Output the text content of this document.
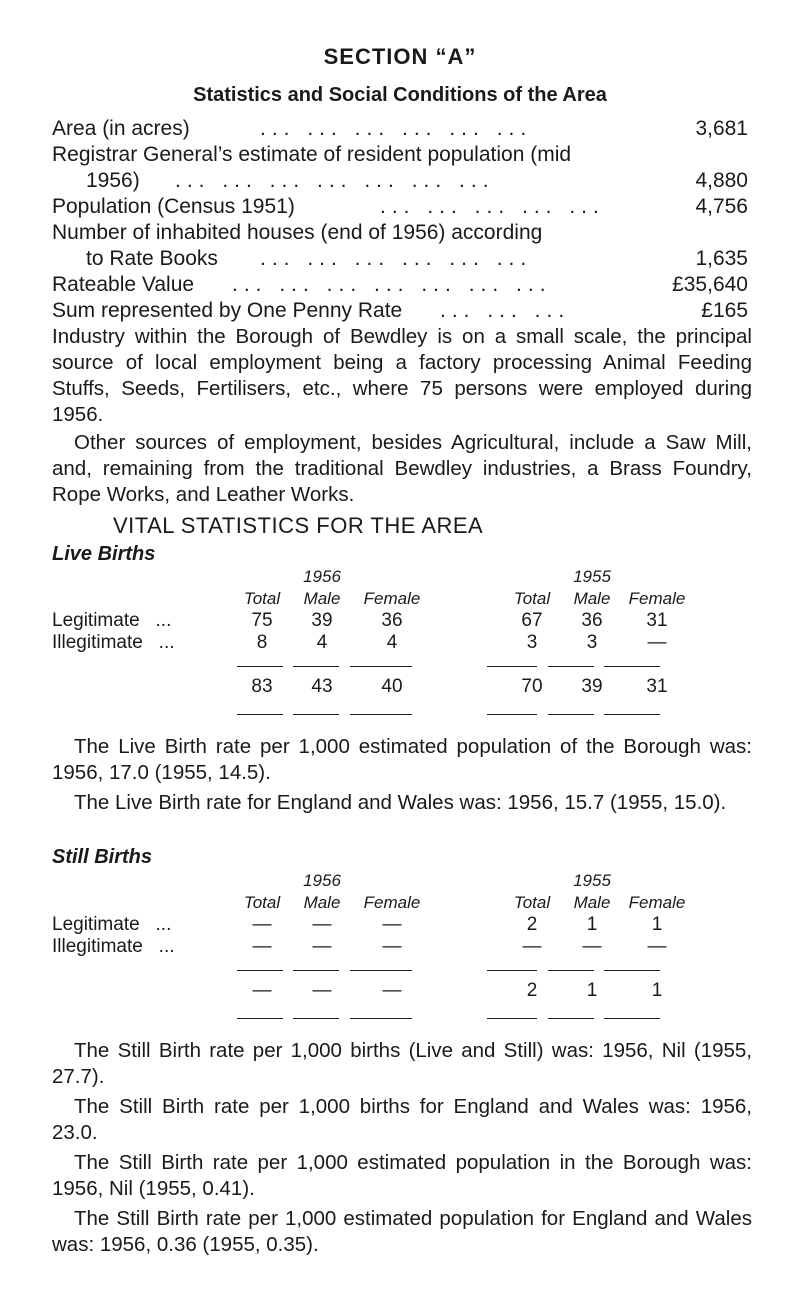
SECTION “A”
Statistics and Social Conditions of the Area
Area (in acres)	... ... ... ... ... ...	3,681
Registrar General’s estimate of resident population (mid
1956) ... ... ... ... ... ... ...	4,880
Population (Census 1951)	... ... ... ... ...	4,756
Number of inhabited houses (end of 1956) according
to Rate Books ... ... ... ... ... ...	1,635
Rateable Value ... ... ... ... ... ... ...	£35,640
Sum represented by One Penny Rate ... ... ...	£165

Industry within the Borough of Bewdley is on a small scale, the principal source of local employment being a factory processing Animal Feeding Stuffs, Seeds, Fertilisers, etc., where 75 persons were employed during 1956.

Other sources of employment, besides Agricultural, include a Saw Mill, and, remaining from the traditional Bewdley industries, a Brass Foundry, Rope Works, and Leather Works.

VITAL STATISTICS FOR THE AREA
Live Births
		1956				1955	
	Total	Male	Female		Total	Male	Female
Legitimate ...	75	39	36		67	36	31
Illegitimate ...	8	4	4		3	3	—

	83	43	40		70	39	31

The Live Birth rate per 1,000 estimated population of the Borough was: 1956, 17.0 (1955, 14.5).

The Live Birth rate for England and Wales was: 1956, 15.7 (1955, 15.0).

Still Births
		1956				1955	
	Total	Male	Female		Total	Male	Female
Legitimate ...	—	—	—		2	1	1
Illegitimate ...	—	—	—		—	—	—

	—	—	—		2	1	1

The Still Birth rate per 1,000 births (Live and Still) was: 1956, Nil (1955, 27.7).

The Still Birth rate per 1,000 births for England and Wales was: 1956, 23.0.

The Still Birth rate per 1,000 estimated population in the Borough was: 1956, Nil (1955, 0.41).

The Still Birth rate per 1,000 estimated population for England and Wales was: 1956, 0.36 (1955, 0.35).
